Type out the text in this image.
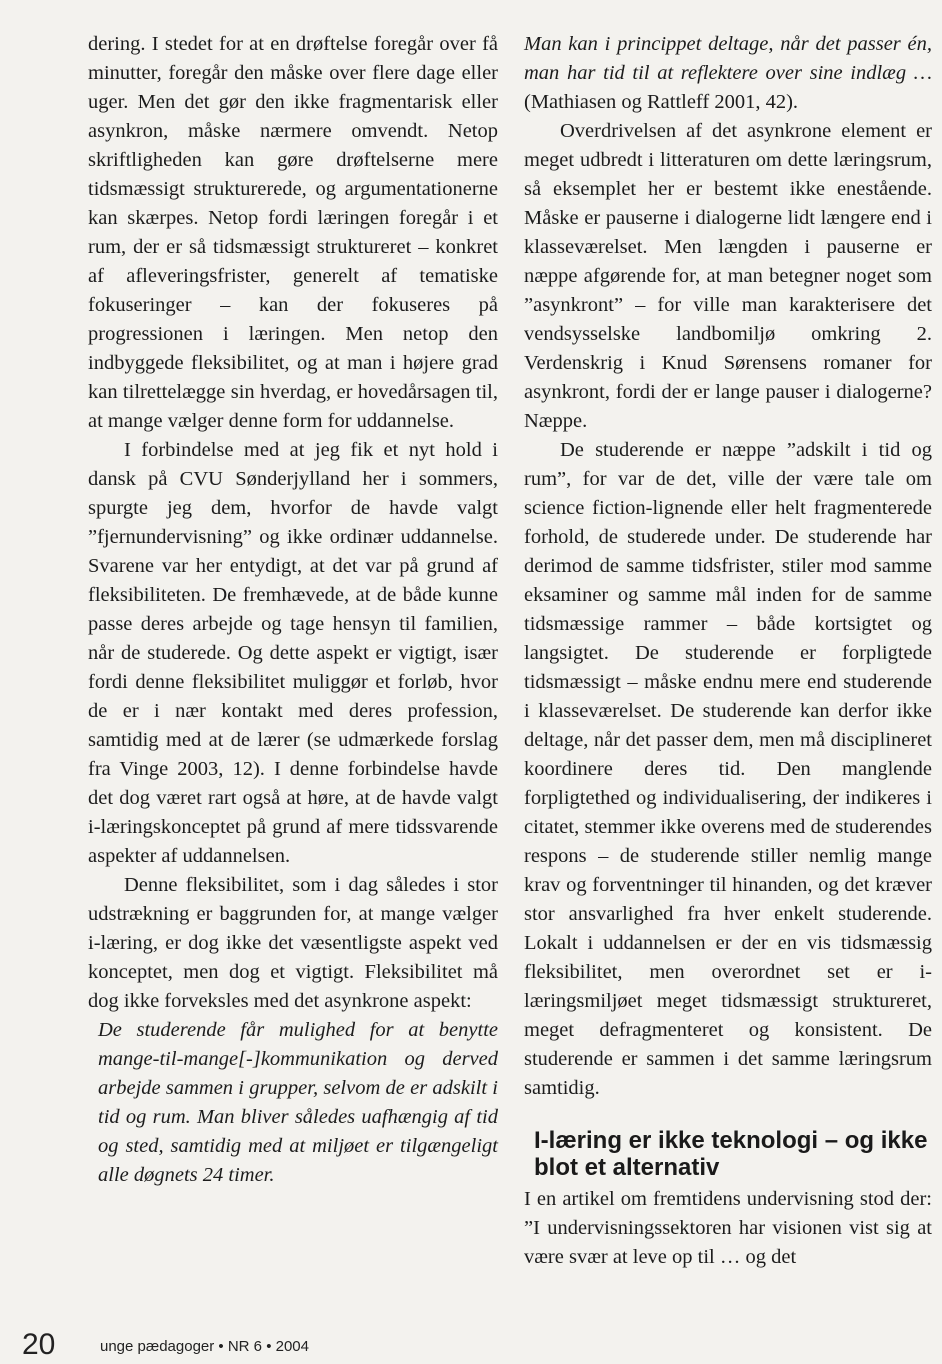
dering. I stedet for at en drøftelse foregår over få minutter, foregår den måske over flere dage eller uger. Men det gør den ikke fragmentarisk eller asynkron, måske nærmere omvendt. Netop skriftligheden kan gøre drøftelserne mere tidsmæssigt strukturerede, og argumentationerne kan skærpes. Netop fordi læringen foregår i et rum, der er så tidsmæssigt struktureret – konkret af afleveringsfrister, generelt af tematiske fokuseringer – kan der fokuseres på progressionen i læringen. Men netop den indbyggede fleksibilitet, og at man i højere grad kan tilrettelægge sin hverdag, er hovedårsagen til, at mange vælger denne form for uddannelse.

I forbindelse med at jeg fik et nyt hold i dansk på CVU Sønderjylland her i sommers, spurgte jeg dem, hvorfor de havde valgt ”fjernundervisning” og ikke ordinær uddannelse. Svarene var her entydigt, at det var på grund af fleksibiliteten. De fremhævede, at de både kunne passe deres arbejde og tage hensyn til familien, når de studerede. Og dette aspekt er vigtigt, især fordi denne fleksibilitet muliggør et forløb, hvor de er i nær kontakt med deres profession, samtidig med at de lærer (se udmærkede forslag fra Vinge 2003, 12). I denne forbindelse havde det dog været rart også at høre, at de havde valgt i-læringskonceptet på grund af mere tidssvarende aspekter af uddannelsen.

Denne fleksibilitet, som i dag således i stor udstrækning er baggrunden for, at mange vælger i-læring, er dog ikke det væsentligste aspekt ved konceptet, men dog et vigtigt. Fleksibilitet må dog ikke forveksles med det asynkrone aspekt:

De studerende får mulighed for at benytte mange-til-mange[-]kommunikation og derved arbejde sammen i grupper, selvom de er adskilt i tid og rum. Man bliver således uafhængig af tid og sted, samtidig med at miljøet er tilgængeligt alle døgnets 24 timer.

Man kan i princippet deltage, når det passer én, man har tid til at reflektere over sine indlæg … (Mathiasen og Rattleff 2001, 42).

Overdrivelsen af det asynkrone element er meget udbredt i litteraturen om dette læringsrum, så eksemplet her er bestemt ikke enestående. Måske er pauserne i dialogerne lidt længere end i klasseværelset. Men længden i pauserne er næppe afgørende for, at man betegner noget som ”asynkront” – for ville man karakterisere det vendsysselske landbomiljø omkring 2. Verdenskrig i Knud Sørensens romaner for asynkront, fordi der er lange pauser i dialogerne? Næppe.

De studerende er næppe ”adskilt i tid og rum”, for var de det, ville der være tale om science fiction-lignende eller helt fragmenterede forhold, de studerede under. De studerende har derimod de samme tidsfrister, stiler mod samme eksaminer og samme mål inden for de samme tidsmæssige rammer – både kortsigtet og langsigtet. De studerende er forpligtede tidsmæssigt – måske endnu mere end studerende i klasseværelset. De studerende kan derfor ikke deltage, når det passer dem, men må disciplineret koordinere deres tid. Den manglende forpligtethed og individualisering, der indikeres i citatet, stemmer ikke overens med de studerendes respons – de studerende stiller nemlig mange krav og forventninger til hinanden, og det kræver stor ansvarlighed fra hver enkelt studerende. Lokalt i uddannelsen er der en vis tidsmæssig fleksibilitet, men overordnet set er i-læringsmiljøet meget tidsmæssigt struktureret, meget defragmenteret og konsistent. De studerende er sammen i det samme læringsrum samtidig.

I-læring er ikke teknologi – og ikke blot et alternativ

I en artikel om fremtidens undervisning stod der: ”I undervisningssektoren har visionen vist sig at være svær at leve op til … og det

20	unge pædagoger • NR 6 • 2004
